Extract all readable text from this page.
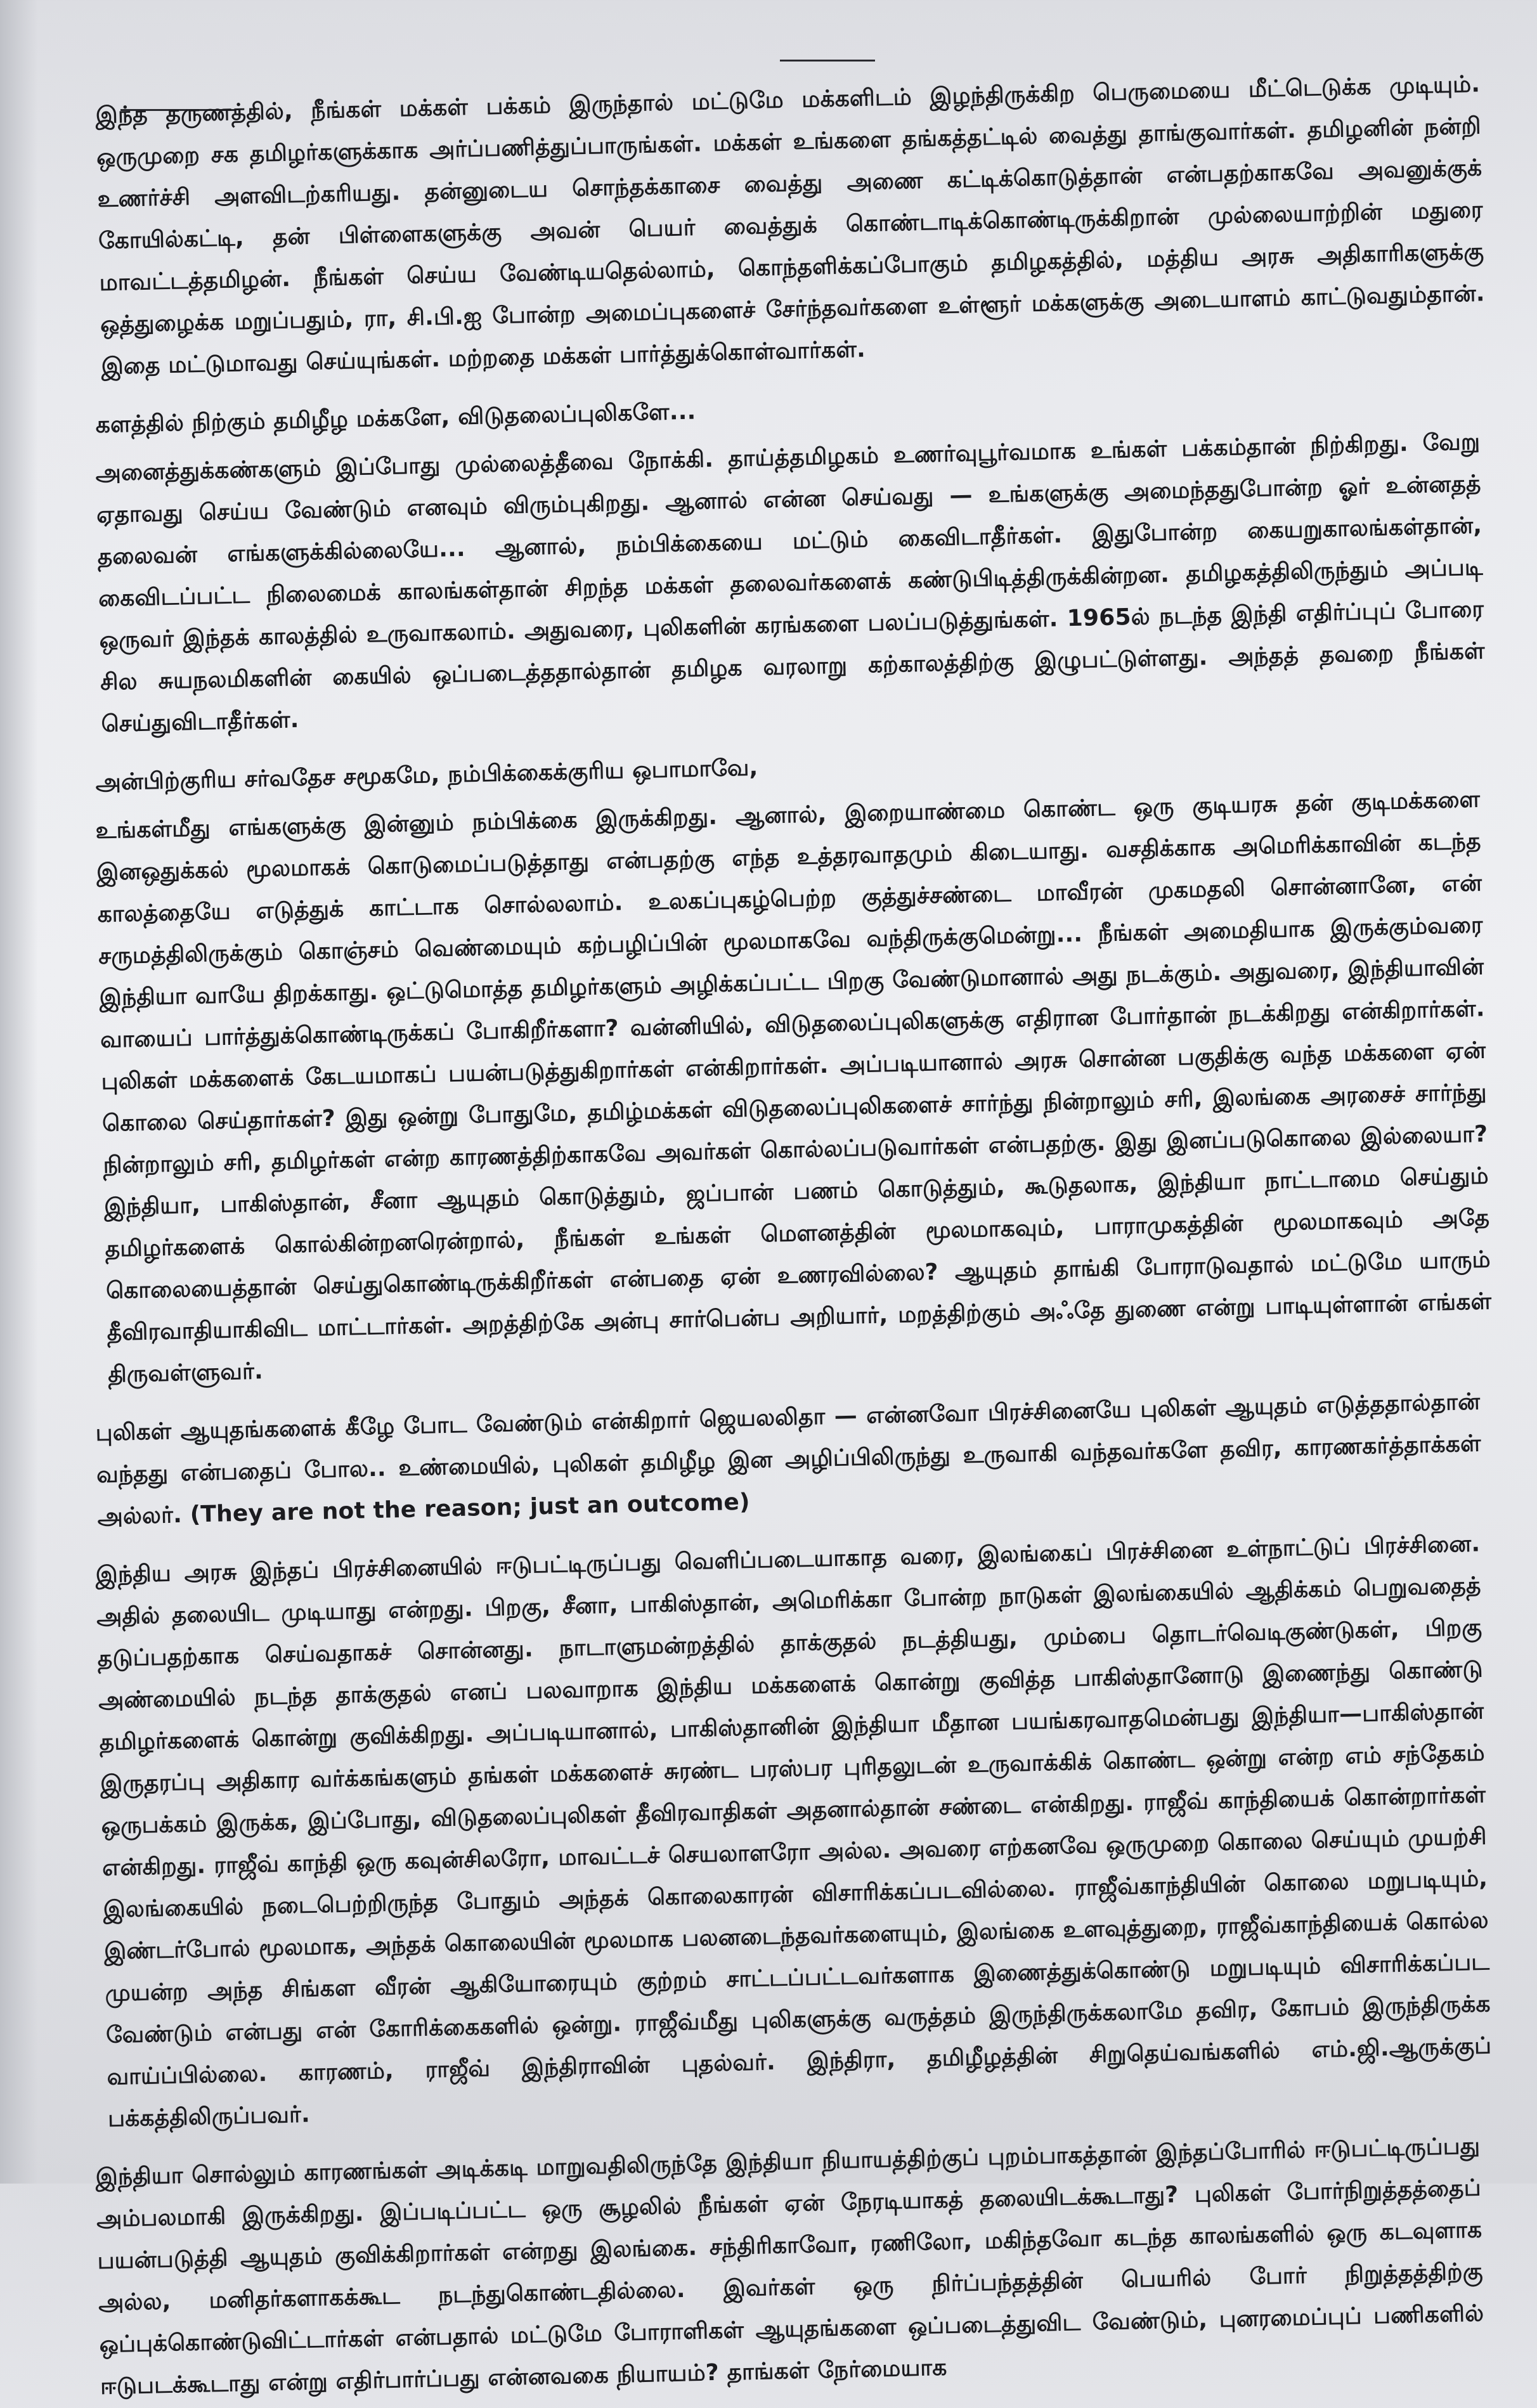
இந்த தருணத்தில், நீங்கள் மக்கள் பக்கம் இருந்தால் மட்டுமே மக்களிடம் இழந்திருக்கிற பெருமையை மீட்டெடுக்க முடியும். ஒருமுறை சக தமிழர்களுக்காக அர்ப்பணித்துப்பாருங்கள். மக்கள் உங்களை தங்கத்தட்டில் வைத்து தாங்குவார்கள். தமிழனின் நன்றி உணர்ச்சி அளவிடற்கரியது. தன்னுடைய சொந்தக்காசை வைத்து அணை கட்டிக்கொடுத்தான் என்பதற்காகவே அவனுக்குக் கோயில்கட்டி, தன் பிள்ளைகளுக்கு அவன் பெயர் வைத்துக் கொண்டாடிக்கொண்டிருக்கிறான் முல்லையாற்றின் மதுரை மாவட்டத்தமிழன். நீங்கள் செய்ய வேண்டியதெல்லாம், கொந்தளிக்கப்போகும் தமிழகத்தில், மத்திய அரசு அதிகாரிகளுக்கு ஒத்துழைக்க மறுப்பதும், ரா, சி.பி.ஐ போன்ற அமைப்புகளைச் சேர்ந்தவர்களை உள்ளூர் மக்களுக்கு அடையாளம் காட்டுவதும்தான். இதை மட்டுமாவது செய்யுங்கள். மற்றதை மக்கள் பார்த்துக்கொள்வார்கள்.

களத்தில் நிற்கும் தமிழீழ மக்களே, விடுதலைப்புலிகளே...

அனைத்துக்கண்களும் இப்போது முல்லைத்தீவை நோக்கி. தாய்த்தமிழகம் உணர்வுபூர்வமாக உங்கள் பக்கம்தான் நிற்கிறது. வேறு ஏதாவது செய்ய வேண்டும் எனவும் விரும்புகிறது. ஆனால் என்ன செய்வது — உங்களுக்கு அமைந்ததுபோன்ற ஓர் உன்னதத் தலைவன் எங்களுக்கில்லையே... ஆனால், நம்பிக்கையை மட்டும் கைவிடாதீர்கள். இதுபோன்ற கையறுகாலங்கள்தான், கைவிடப்பட்ட நிலைமைக் காலங்கள்தான் சிறந்த மக்கள் தலைவர்களைக் கண்டுபிடித்திருக்கின்றன. தமிழகத்திலிருந்தும் அப்படி ஒருவர் இந்தக் காலத்தில் உருவாகலாம். அதுவரை, புலிகளின் கரங்களை பலப்படுத்துங்கள். 1965ல் நடந்த இந்தி எதிர்ப்புப் போரை சில சுயநலமிகளின் கையில் ஒப்படைத்ததால்தான் தமிழக வரலாறு கற்காலத்திற்கு இழுபட்டுள்ளது. அந்தத் தவறை நீங்கள் செய்துவிடாதீர்கள்.

அன்பிற்குரிய சர்வதேச சமூகமே, நம்பிக்கைக்குரிய ஒபாமாவே,

உங்கள்மீது எங்களுக்கு இன்னும் நம்பிக்கை இருக்கிறது. ஆனால், இறையாண்மை கொண்ட ஒரு குடியரசு தன் குடிமக்களை இனஒதுக்கல் மூலமாகக் கொடுமைப்படுத்தாது என்பதற்கு எந்த உத்தரவாதமும் கிடையாது. வசதிக்காக அமெரிக்காவின் கடந்த காலத்தையே எடுத்துக் காட்டாக சொல்லலாம். உலகப்புகழ்பெற்ற குத்துச்சண்டை மாவீரன் முகமதலி சொன்னானே, என் சருமத்திலிருக்கும் கொஞ்சம் வெண்மையும் கற்பழிப்பின் மூலமாகவே வந்திருக்குமென்று... நீங்கள் அமைதியாக இருக்கும்வரை இந்தியா வாயே திறக்காது. ஒட்டுமொத்த தமிழர்களும் அழிக்கப்பட்ட பிறகு வேண்டுமானால் அது நடக்கும். அதுவரை, இந்தியாவின் வாயைப் பார்த்துக்கொண்டிருக்கப் போகிறீர்களா? வன்னியில், விடுதலைப்புலிகளுக்கு எதிரான போர்தான் நடக்கிறது என்கிறார்கள். புலிகள் மக்களைக் கேடயமாகப் பயன்படுத்துகிறார்கள் என்கிறார்கள். அப்படியானால் அரசு சொன்ன பகுதிக்கு வந்த மக்களை ஏன் கொலை செய்தார்கள்? இது ஒன்று போதுமே, தமிழ்மக்கள் விடுதலைப்புலிகளைச் சார்ந்து நின்றாலும் சரி, இலங்கை அரசைச் சார்ந்து நின்றாலும் சரி, தமிழர்கள் என்ற காரணத்திற்காகவே அவர்கள் கொல்லப்படுவார்கள் என்பதற்கு. இது இனப்படுகொலை இல்லையா? இந்தியா, பாகிஸ்தான், சீனா ஆயுதம் கொடுத்தும், ஜப்பான் பணம் கொடுத்தும், கூடுதலாக, இந்தியா நாட்டாமை செய்தும் தமிழர்களைக் கொல்கின்றனரென்றால், நீங்கள் உங்கள் மௌனத்தின் மூலமாகவும், பாராமுகத்தின் மூலமாகவும் அதே கொலையைத்தான் செய்துகொண்டிருக்கிறீர்கள் என்பதை ஏன் உணரவில்லை? ஆயுதம் தாங்கி போராடுவதால் மட்டுமே யாரும் தீவிரவாதியாகிவிட மாட்டார்கள். அறத்திற்கே அன்பு சார்பென்ப அறியார், மறத்திற்கும் அஃதே துணை என்று பாடியுள்ளான் எங்கள் திருவள்ளுவர்.

புலிகள் ஆயுதங்களைக் கீழே போட வேண்டும் என்கிறார் ஜெயலலிதா — என்னவோ பிரச்சினையே புலிகள் ஆயுதம் எடுத்ததால்தான் வந்தது என்பதைப் போல.. உண்மையில், புலிகள் தமிழீழ இன அழிப்பிலிருந்து உருவாகி வந்தவர்களே தவிர, காரணகர்த்தாக்கள் அல்லர். (They are not the reason; just an outcome)

இந்திய அரசு இந்தப் பிரச்சினையில் ஈடுபட்டிருப்பது வெளிப்படையாகாத வரை, இலங்கைப் பிரச்சினை உள்நாட்டுப் பிரச்சினை. அதில் தலையிட முடியாது என்றது. பிறகு, சீனா, பாகிஸ்தான், அமெரிக்கா போன்ற நாடுகள் இலங்கையில் ஆதிக்கம் பெறுவதைத் தடுப்பதற்காக செய்வதாகச் சொன்னது. நாடாளுமன்றத்தில் தாக்குதல் நடத்தியது, மும்பை தொடர்வெடிகுண்டுகள், பிறகு அண்மையில் நடந்த தாக்குதல் எனப் பலவாறாக இந்திய மக்களைக் கொன்று குவித்த பாகிஸ்தானோடு இணைந்து கொண்டு தமிழர்களைக் கொன்று குவிக்கிறது. அப்படியானால், பாகிஸ்தானின் இந்தியா மீதான பயங்கரவாதமென்பது இந்தியா—பாகிஸ்தான் இருதரப்பு அதிகார வர்க்கங்களும் தங்கள் மக்களைச் சுரண்ட பரஸ்பர புரிதலுடன் உருவாக்கிக் கொண்ட ஒன்று என்ற எம் சந்தேகம் ஒருபக்கம் இருக்க, இப்போது, விடுதலைப்புலிகள் தீவிரவாதிகள் அதனால்தான் சண்டை என்கிறது. ராஜீவ் காந்தியைக் கொன்றார்கள் என்கிறது. ராஜீவ் காந்தி ஒரு கவுன்சிலரோ, மாவட்டச் செயலாளரோ அல்ல. அவரை எற்கனவே ஒருமுறை கொலை செய்யும் முயற்சி இலங்கையில் நடைபெற்றிருந்த போதும் அந்தக் கொலைகாரன் விசாரிக்கப்படவில்லை. ராஜீவ்காந்தியின் கொலை மறுபடியும், இண்டர்போல் மூலமாக, அந்தக் கொலையின் மூலமாக பலனடைந்தவர்களையும், இலங்கை உளவுத்துறை, ராஜீவ்காந்தியைக் கொல்ல முயன்ற அந்த சிங்கள வீரன் ஆகியோரையும் குற்றம் சாட்டப்பட்டவர்களாக இணைத்துக்கொண்டு மறுபடியும் விசாரிக்கப்பட வேண்டும் என்பது என் கோரிக்கைகளில் ஒன்று. ராஜீவ்மீது புலிகளுக்கு வருத்தம் இருந்திருக்கலாமே தவிர, கோபம் இருந்திருக்க வாய்ப்பில்லை. காரணம், ராஜீவ் இந்திராவின் புதல்வர். இந்திரா, தமிழீழத்தின் சிறுதெய்வங்களில் எம்.ஜி.ஆருக்குப் பக்கத்திலிருப்பவர்.

இந்தியா சொல்லும் காரணங்கள் அடிக்கடி மாறுவதிலிருந்தே இந்தியா நியாயத்திற்குப் புறம்பாகத்தான் இந்தப்போரில் ஈடுபட்டிருப்பது அம்பலமாகி இருக்கிறது. இப்படிப்பட்ட ஒரு சூழலில் நீங்கள் ஏன் நேரடியாகத் தலையிடக்கூடாது? புலிகள் போர்நிறுத்தத்தைப் பயன்படுத்தி ஆயுதம் குவிக்கிறார்கள் என்றது இலங்கை. சந்திரிகாவோ, ரணிலோ, மகிந்தவோ கடந்த காலங்களில் ஒரு கடவுளாக அல்ல, மனிதர்களாகக்கூட நடந்துகொண்டதில்லை. இவர்கள் ஒரு நிர்ப்பந்தத்தின் பெயரில் போர் நிறுத்தத்திற்கு ஒப்புக்கொண்டுவிட்டார்கள் என்பதால் மட்டுமே போராளிகள் ஆயுதங்களை ஒப்படைத்துவிட வேண்டும், புனரமைப்புப் பணிகளில் ஈடுபடக்கூடாது என்று எதிர்பார்ப்பது என்னவகை நியாயம்? தாங்கள் நேர்மையாக
